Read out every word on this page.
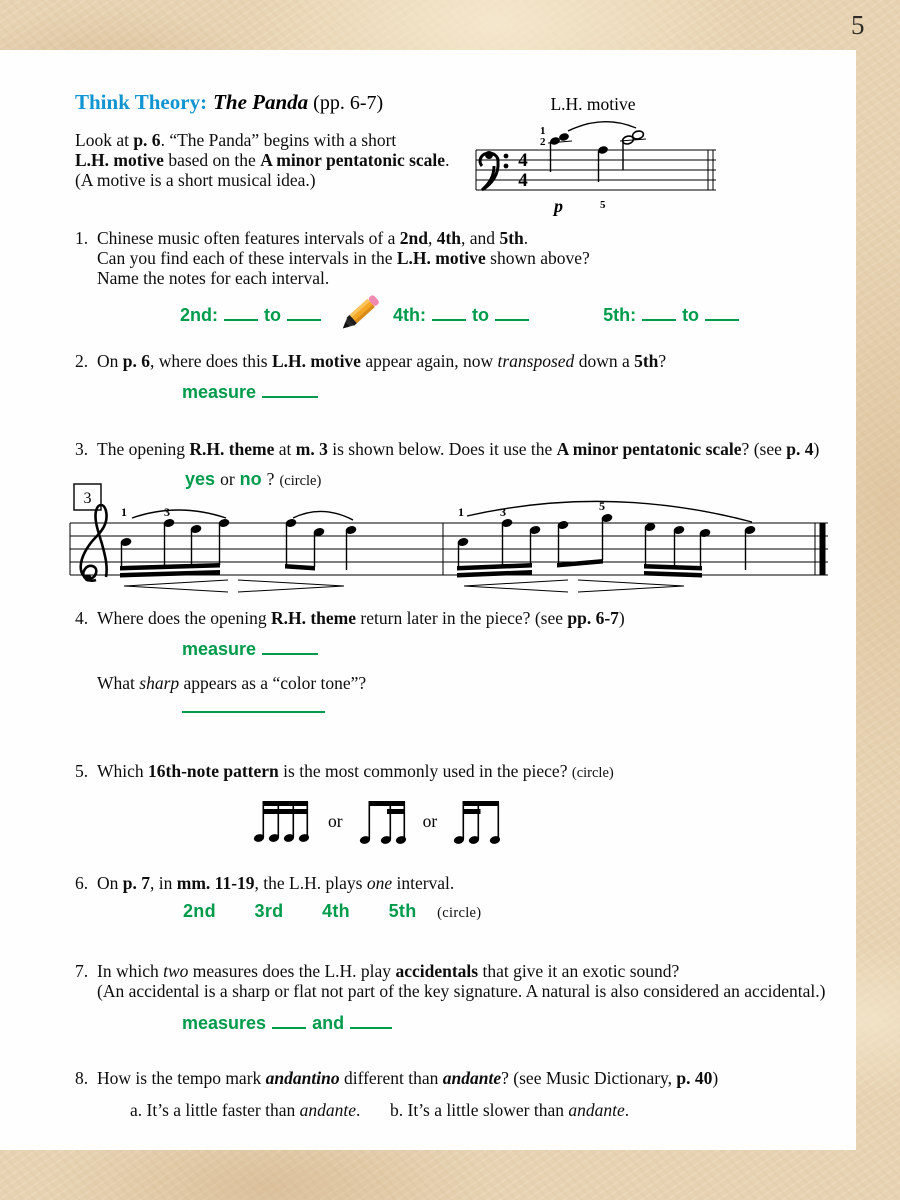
5
Think Theory: The Panda (pp. 6-7)
Look at p. 6. “The Panda” begins with a short
L.H. motive based on the A minor pentatonic scale.
(A motive is a short musical idea.)
L.H. motive
4
4
1
2
p	5
1. Chinese music often features intervals of a 2nd, 4th, and 5th.
Can you find each of these intervals in the L.H. motive shown above?
Name the notes for each interval.
2nd:	to	4th:	to	5th:	to
2. On p. 6, where does this L.H. motive appear again, now transposed down a 5th?
measure
3. The opening R.H. theme at m. 3 is shown below. Does it use the A minor pentatonic scale? (see p. 4)
yes or no ? (circle)
3
1	3	1	3	5
4. Where does the opening R.H. theme return later in the piece? (see pp. 6-7)
measure
What sharp appears as a “color tone”?
5. Which 16th-note pattern is the most commonly used in the piece? (circle)
or	or
6. On p. 7, in mm. 11-19, the L.H. plays one interval.
2nd 3rd 4th 5th (circle)
7. In which two measures does the L.H. play accidentals that give it an exotic sound?
(An accidental is a sharp or flat not part of the key signature. A natural is also considered an accidental.)
measures	and
8. How is the tempo mark andantino different than andante? (see Music Dictionary, p. 40)
a. It’s a little faster than andante. b. It’s a little slower than andante.
